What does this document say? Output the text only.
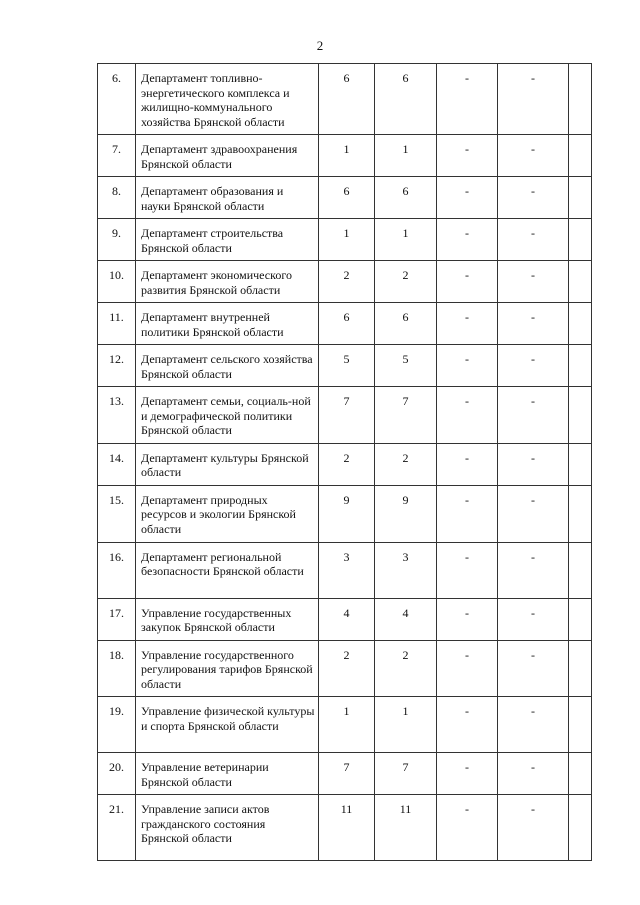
2
6.	Департамент топливно-энергетического комплекса и жилищно-коммунального хозяйства Брянской области	6	6	-	-	
7.	Департамент здравоохранения Брянской области	1	1	-	-	
8.	Департамент образования и науки Брянской области	6	6	-	-	
9.	Департамент строительства Брянской области	1	1	-	-	
10.	Департамент экономического развития Брянской области	2	2	-	-	
11.	Департамент внутренней политики Брянской области	6	6	-	-	
12.	Департамент сельского хозяйства Брянской области	5	5	-	-	
13.	Департамент семьи, социаль-ной и демографической политики Брянской области	7	7	-	-	
14.	Департамент культуры Брянской области	2	2	-	-	
15.	Департамент природных ресурсов и экологии Брянской области	9	9	-	-	
16.	Департамент региональной безопасности Брянской области	3	3	-	-	
17.	Управление государственных закупок Брянской области	4	4	-	-	
18.	Управление государственного регулирования тарифов Брянской области	2	2	-	-	
19.	Управление физической культуры и спорта Брянской области	1	1	-	-	
20.	Управление ветеринарии Брянской области	7	7	-	-	
21.	Управление записи актов гражданского состояния Брянской области	11	11	-	-	
